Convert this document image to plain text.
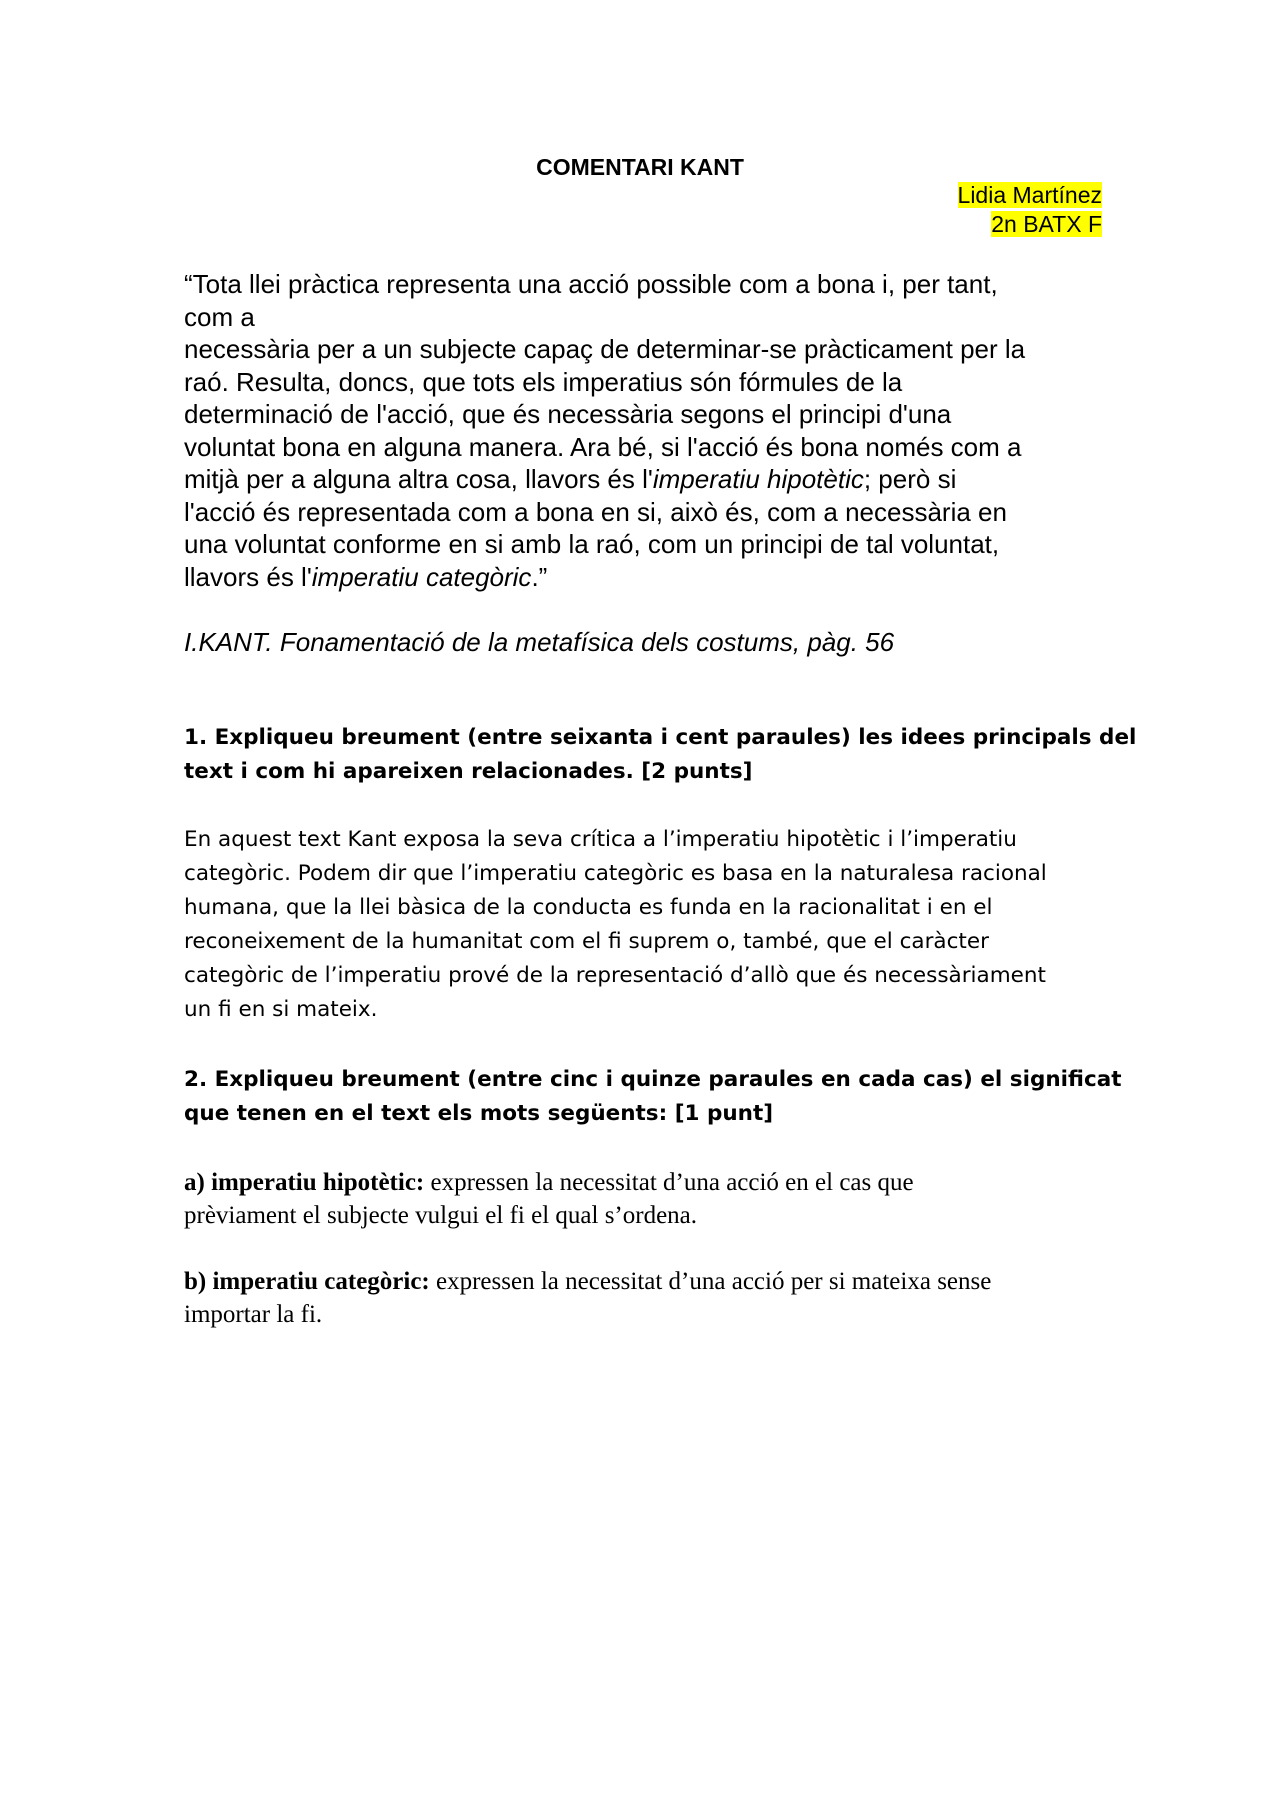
COMENTARI KANT
Lidia Martínez
2n BATX F

“Tota llei pràctica representa una acció possible com a bona i, per tant,
com a
necessària per a un subjecte capaç de determinar-se pràcticament per la
raó. Resulta, doncs, que tots els imperatius són fórmules de la
determinació de l'acció, que és necessària segons el principi d'una
voluntat bona en alguna manera. Ara bé, si l'acció és bona només com a
mitjà per a alguna altra cosa, llavors és l'imperatiu hipotètic; però si
l'acció és representada com a bona en si, això és, com a necessària en
una voluntat conforme en si amb la raó, com un principi de tal voluntat,
llavors és l'imperatiu categòric.”

I.KANT. Fonamentació de la metafísica dels costums, pàg. 56

1. Expliqueu breument (entre seixanta i cent paraules) les idees principals del
text i com hi apareixen relacionades. [2 punts]

En aquest text Kant exposa la seva crítica a l’imperatiu hipotètic i l’imperatiu
categòric. Podem dir que l’imperatiu categòric es basa en la naturalesa racional
humana, que la llei bàsica de la conducta es funda en la racionalitat i en el
reconeixement de la humanitat com el fi suprem o, també, que el caràcter
categòric de l’imperatiu prové de la representació d’allò que és necessàriament
un fi en si mateix.

2. Expliqueu breument (entre cinc i quinze paraules en cada cas) el significat
que tenen en el text els mots següents: [1 punt]

a) imperatiu hipotètic: expressen la necessitat d’una acció en el cas que
prèviament el subjecte vulgui el fi el qual s’ordena.

b) imperatiu categòric: expressen la necessitat d’una acció per si mateixa sense
importar la fi.
